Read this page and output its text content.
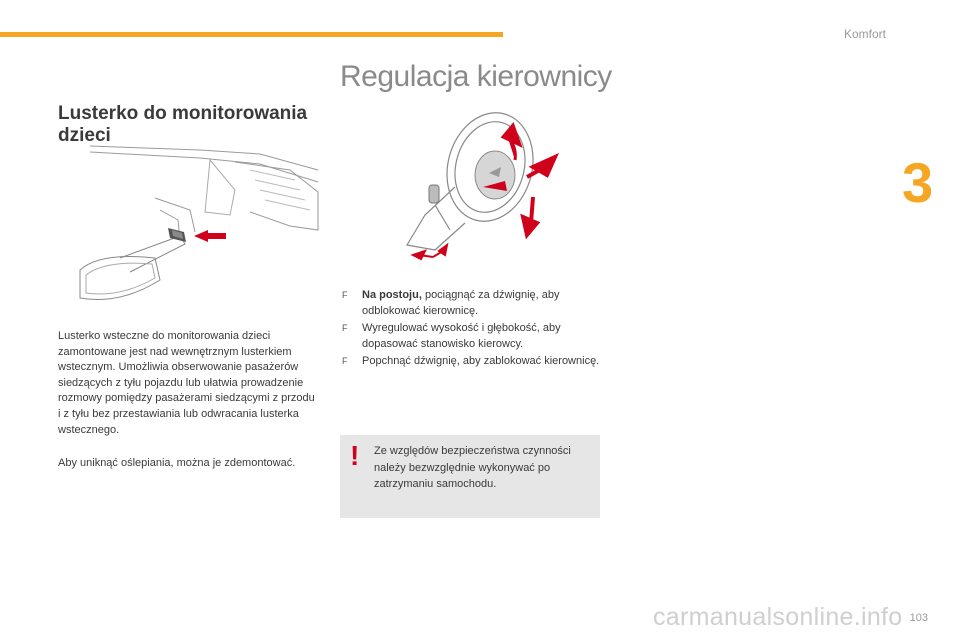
Komfort
3
Regulacja kierownicy
Lusterko do monitorowania dzieci
Lusterko wsteczne do monitorowania dzieci zamontowane jest nad wewnętrznym lusterkiem wstecznym. Umożliwia obserwowanie pasażerów siedzących z tyłu pojazdu lub ułatwia prowadzenie rozmowy pomiędzy pasażerami siedzącymi z przodu i z tyłu bez przestawiania lub odwracania lusterka wstecznego.
Aby uniknąć oślepiania, można je zdemontować.
F Na postoju, pociągnąć za dźwignię, aby odblokować kierownicę.
F Wyregulować wysokość i głębokość, aby dopasować stanowisko kierowcy.
F Popchnąć dźwignię, aby zablokować kierownicę.
! Ze względów bezpieczeństwa czynności należy bezwzględnie wykonywać po zatrzymaniu samochodu.
carmanualsonline.info 103
